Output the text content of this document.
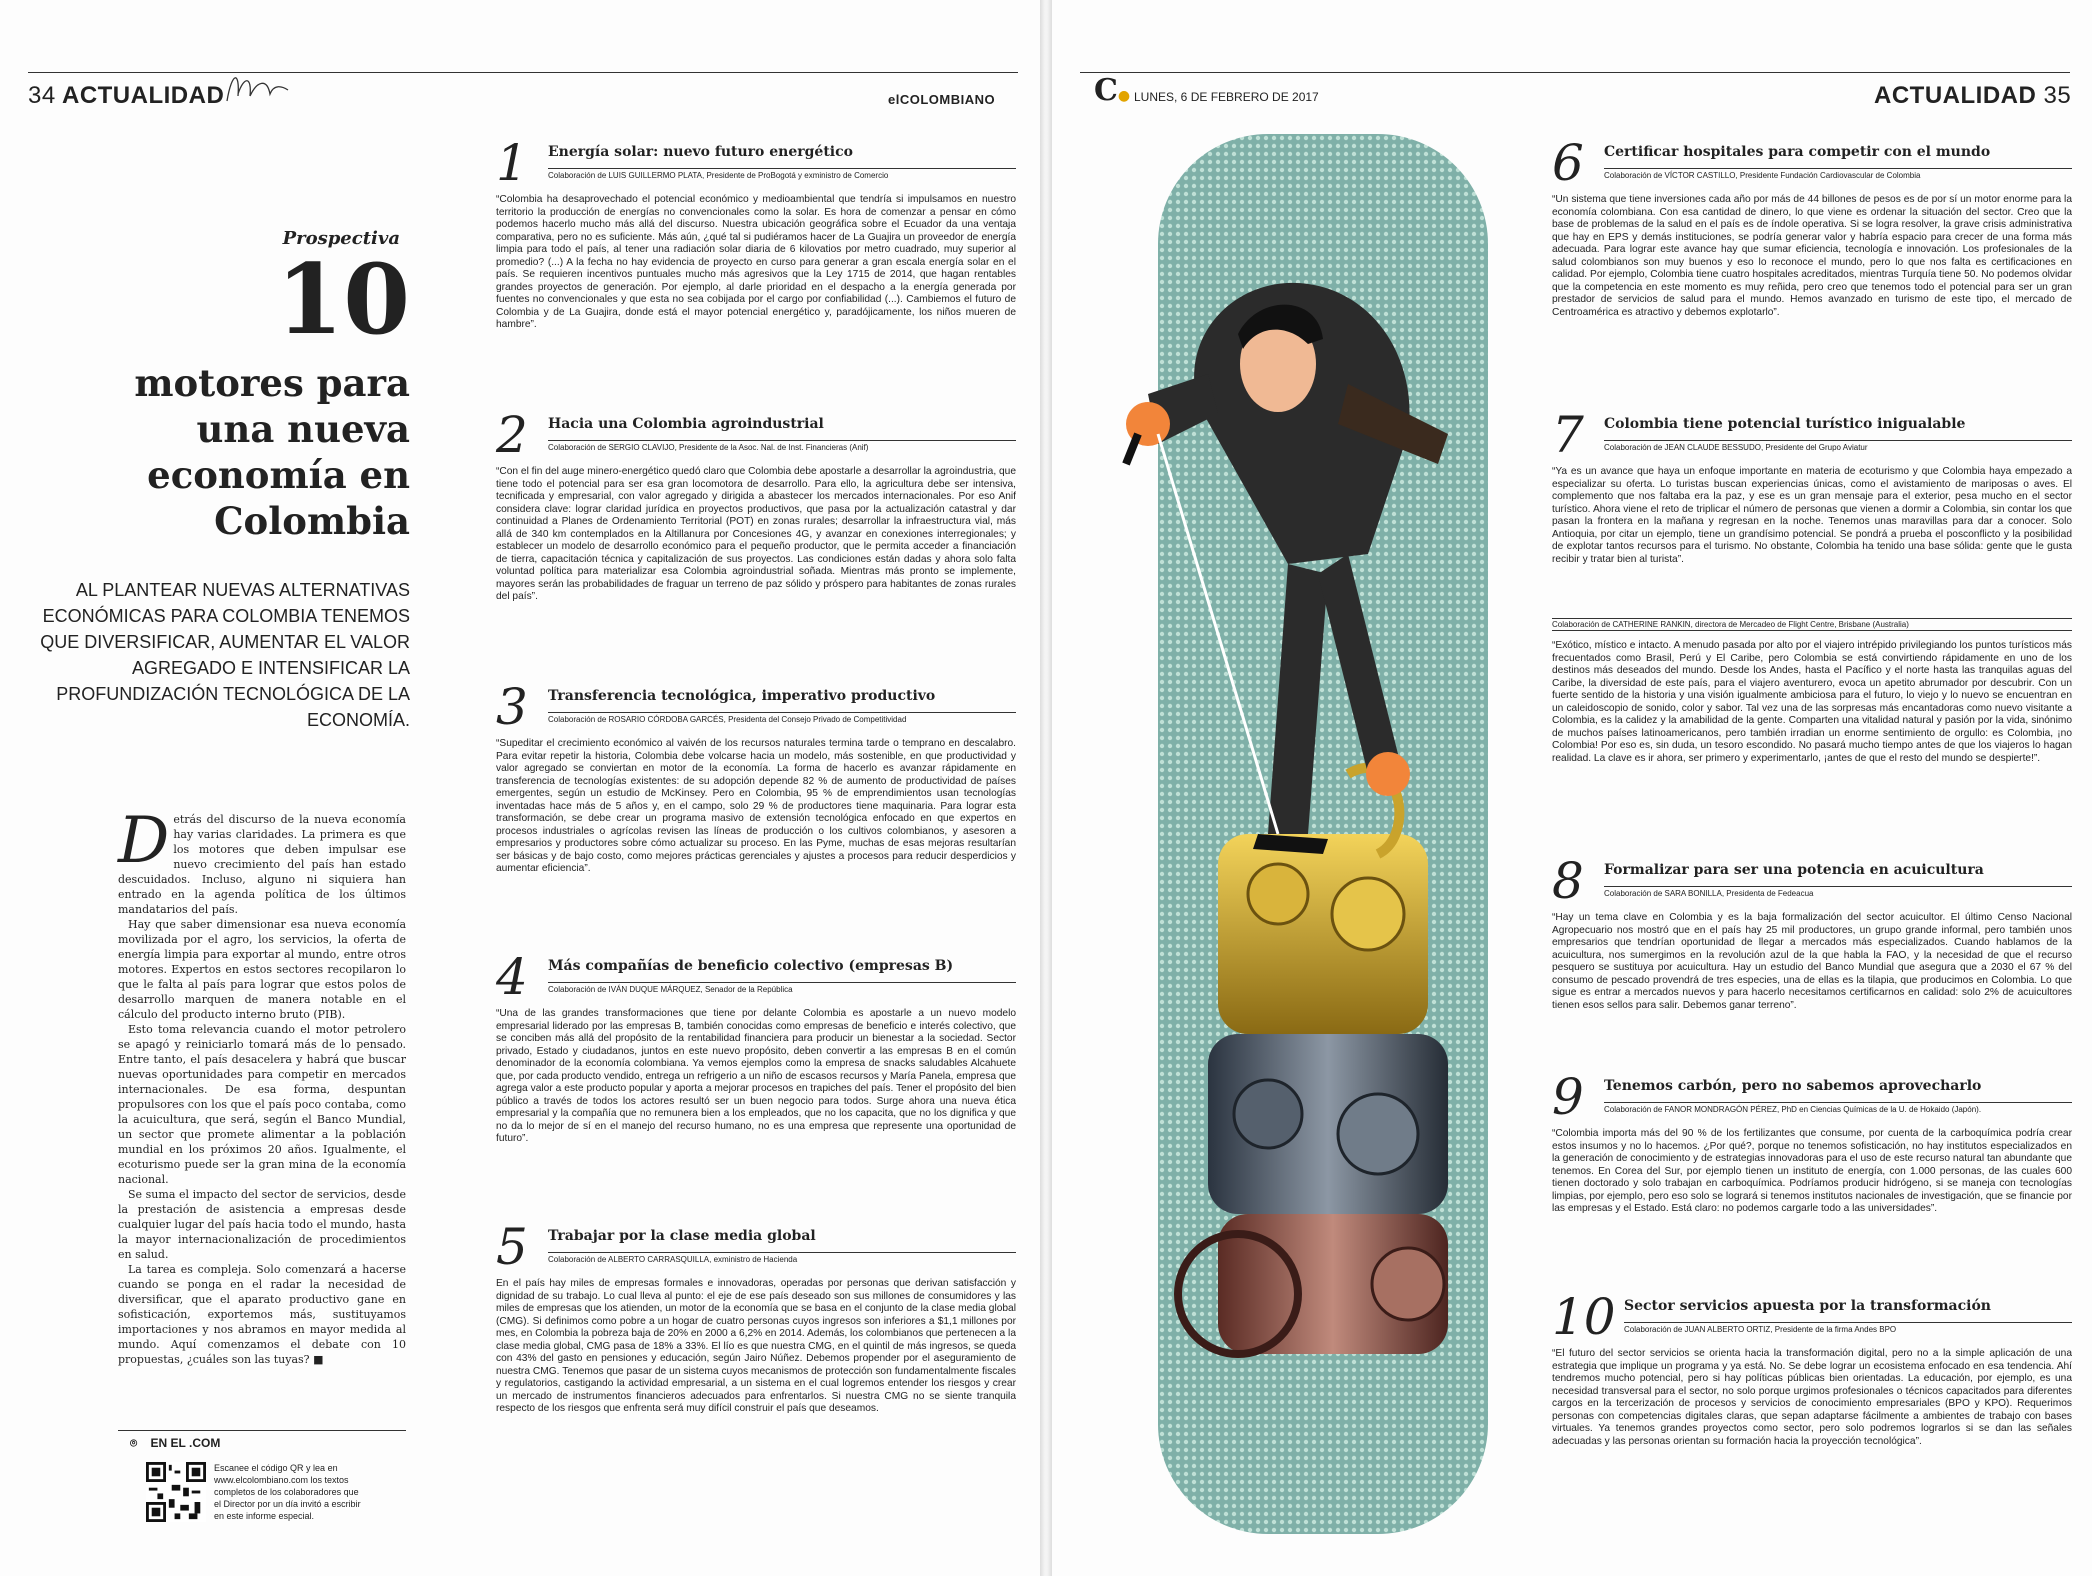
34 ACTUALIDAD	elCOLOMBIANO
Prospectiva
10
motores para una nueva economía en Colombia
AL PLANTEAR NUEVAS ALTERNATIVAS ECONÓMICAS PARA COLOMBIA TENEMOS QUE DIVERSIFICAR, AUMENTAR EL VALOR AGREGADO E INTENSIFICAR LA PROFUNDIZACIÓN TECNOLÓGICA DE LA ECONOMÍA.
D etrás del discurso de la nueva economía hay varias claridades. La primera es que los motores que deben impulsar ese nuevo crecimiento del país han estado descuidados. Incluso, alguno ni siquiera han entrado en la agenda política de los últimos mandatarios del país.

Hay que saber dimensionar esa nueva economía movilizada por el agro, los servicios, la oferta de energía limpia para exportar al mundo, entre otros motores. Expertos en estos sectores recopilaron lo que le falta al país para lograr que estos polos de desarrollo marquen de manera notable en el cálculo del producto interno bruto (PIB).

Esto toma relevancia cuando el motor petrolero se apagó y reiniciarlo tomará más de lo pensado. Entre tanto, el país desacelera y habrá que buscar nuevas oportunidades para competir en mercados internacionales. De esa forma, despuntan propulsores con los que el país poco contaba, como la acuicultura, que será, según el Banco Mundial, un sector que promete alimentar a la población mundial en los próximos 20 años. Igualmente, el ecoturismo puede ser la gran mina de la economía nacional.

Se suma el impacto del sector de servicios, desde la prestación de asistencia a empresas desde cualquier lugar del país hacia todo el mundo, hasta la mayor internacionalización de procedimientos en salud.

La tarea es compleja. Solo comenzará a hacerse cuando se ponga en el radar la necesidad de diversificar, que el aparato productivo gane en sofisticación, exportemos más, sustituyamos importaciones y nos abramos en mayor medida al mundo. Aquí comenzamos el debate con 10 propuestas, ¿cuáles son las tuyas? ■

⌾ EN EL .COM
Escanee el código QR y lea en www.elcolombiano.com los textos completos de los colaboradores que el Director por un día invitó a escribir en este informe especial.
1 Energía solar: nuevo futuro energético
Colaboración de LUIS GUILLERMO PLATA, Presidente de ProBogotá y exministro de Comercio
“Colombia ha desaprovechado el potencial económico y medioambiental que tendría si impulsamos en nuestro territorio la producción de energías no convencionales como la solar. Es hora de comenzar a pensar en cómo podemos hacerlo mucho más allá del discurso. Nuestra ubicación geográfica sobre el Ecuador da una ventaja comparativa, pero no es suficiente. Más aún, ¿qué tal si pudiéramos hacer de La Guajira un proveedor de energía limpia para todo el país, al tener una radiación solar diaria de 6 kilovatios por metro cuadrado, muy superior al promedio? (...) A la fecha no hay evidencia de proyecto en curso para generar a gran escala energía solar en el país. Se requieren incentivos puntuales mucho más agresivos que la Ley 1715 de 2014, que hagan rentables grandes proyectos de generación. Por ejemplo, al darle prioridad en el despacho a la energía generada por fuentes no convencionales y que esta no sea cobijada por el cargo por confiabilidad (...). Cambiemos el futuro de Colombia y de La Guajira, donde está el mayor potencial energético y, paradójicamente, los niños mueren de hambre”.
2 Hacia una Colombia agroindustrial
Colaboración de SERGIO CLAVIJO, Presidente de la Asoc. Nal. de Inst. Financieras (Anif)
“Con el fin del auge minero-energético quedó claro que Colombia debe apostarle a desarrollar la agroindustria, que tiene todo el potencial para ser esa gran locomotora de desarrollo. Para ello, la agricultura debe ser intensiva, tecnificada y empresarial, con valor agregado y dirigida a abastecer los mercados internacionales. Por eso Anif considera clave: lograr claridad jurídica en proyectos productivos, que pasa por la actualización catastral y dar continuidad a Planes de Ordenamiento Territorial (POT) en zonas rurales; desarrollar la infraestructura vial, más allá de 340 km contemplados en la Altillanura por Concesiones 4G, y avanzar en conexiones interregionales; y establecer un modelo de desarrollo económico para el pequeño productor, que le permita acceder a financiación de tierra, capacitación técnica y capitalización de sus proyectos. Las condiciones están dadas y ahora solo falta voluntad política para materializar esa Colombia agroindustrial soñada. Mientras más pronto se implemente, mayores serán las probabilidades de fraguar un terreno de paz sólido y próspero para habitantes de zonas rurales del país”.
3 Transferencia tecnológica, imperativo productivo
Colaboración de ROSARIO CÓRDOBA GARCÉS, Presidenta del Consejo Privado de Competitividad
“Supeditar el crecimiento económico al vaivén de los recursos naturales termina tarde o temprano en descalabro. Para evitar repetir la historia, Colombia debe volcarse hacia un modelo, más sostenible, en que productividad y valor agregado se conviertan en motor de la economía. La forma de hacerlo es avanzar rápidamente en transferencia de tecnologías existentes: de su adopción depende 82 % de aumento de productividad de países emergentes, según un estudio de McKinsey. Pero en Colombia, 95 % de emprendimientos usan tecnologías inventadas hace más de 5 años y, en el campo, solo 29 % de productores tiene maquinaria. Para lograr esta transformación, se debe crear un programa masivo de extensión tecnológica enfocado en que expertos en procesos industriales o agrícolas revisen las líneas de producción o los cultivos colombianos, y asesoren a empresarios y productores sobre cómo actualizar su proceso. En las Pyme, muchas de esas mejoras resultarían ser básicas y de bajo costo, como mejores prácticas gerenciales y ajustes a procesos para reducir desperdicios y aumentar eficiencia”.
4 Más compañías de beneficio colectivo (empresas B)
Colaboración de IVÁN DUQUE MÁRQUEZ, Senador de la República
“Una de las grandes transformaciones que tiene por delante Colombia es apostarle a un nuevo modelo empresarial liderado por las empresas B, también conocidas como empresas de beneficio e interés colectivo, que se conciben más allá del propósito de la rentabilidad financiera para producir un bienestar a la sociedad. Sector privado, Estado y ciudadanos, juntos en este nuevo propósito, deben convertir a las empresas B en el común denominador de la economía colombiana. Ya vemos ejemplos como la empresa de snacks saludables Alcahuete que, por cada producto vendido, entrega un refrigerio a un niño de escasos recursos y María Panela, empresa que agrega valor a este producto popular y aporta a mejorar procesos en trapiches del país. Tener el propósito del bien público a través de todos los actores resultó ser un buen negocio para todos. Surge ahora una nueva ética empresarial y la compañía que no remunera bien a los empleados, que no los capacita, que no los dignifica y que no da lo mejor de sí en el manejo del recurso humano, no es una empresa que represente una oportunidad de futuro”.
5 Trabajar por la clase media global
Colaboración de ALBERTO CARRASQUILLA, exministro de Hacienda
En el país hay miles de empresas formales e innovadoras, operadas por personas que derivan satisfacción y dignidad de su trabajo. Lo cual lleva al punto: el eje de ese país deseado son sus millones de consumidores y las miles de empresas que los atienden, un motor de la economía que se basa en el conjunto de la clase media global (CMG). Si definimos como pobre a un hogar de cuatro personas cuyos ingresos son inferiores a $1,1 millones por mes, en Colombia la pobreza baja de 20% en 2000 a 6,2% en 2014. Además, los colombianos que pertenecen a la clase media global, CMG pasa de 18% a 33%. El lío es que nuestra CMG, en el quintil de más ingresos, se queda con 43% del gasto en pensiones y educación, según Jairo Núñez. Debemos propender por el aseguramiento de nuestra CMG. Tenemos que pasar de un sistema cuyos mecanismos de protección son fundamentalmente fiscales y regulatorios, castigando la actividad empresarial, a un sistema en el cual logremos entender los riesgos y crear un mercado de instrumentos financieros adecuados para enfrentarlos. Si nuestra CMG no se siente tranquila respecto de los riesgos que enfrenta será muy difícil construir el país que deseamos.
C● LUNES, 6 DE FEBRERO DE 2017	ACTUALIDAD 35
6 Certificar hospitales para competir con el mundo
Colaboración de VÍCTOR CASTILLO, Presidente Fundación Cardiovascular de Colombia
“Un sistema que tiene inversiones cada año por más de 44 billones de pesos es de por sí un motor enorme para la economía colombiana. Con esa cantidad de dinero, lo que viene es ordenar la situación del sector. Creo que la base de problemas de la salud en el país es de índole operativa. Si se logra resolver, la grave crisis administrativa que hay en EPS y demás instituciones, se podría generar valor y habría espacio para crecer de una forma más adecuada. Para lograr este avance hay que sumar eficiencia, tecnología e innovación. Los profesionales de la salud colombianos son muy buenos y eso lo reconoce el mundo, pero lo que nos falta es certificaciones en calidad. Por ejemplo, Colombia tiene cuatro hospitales acreditados, mientras Turquía tiene 50. No podemos olvidar que la competencia en este momento es muy reñida, pero creo que tenemos todo el potencial para ser un gran prestador de servicios de salud para el mundo. Hemos avanzado en turismo de este tipo, el mercado de Centroamérica es atractivo y debemos explotarlo”.
7 Colombia tiene potencial turístico inigualable
Colaboración de JEAN CLAUDE BESSUDO, Presidente del Grupo Aviatur
“Ya es un avance que haya un enfoque importante en materia de ecoturismo y que Colombia haya empezado a especializar su oferta. Lo turistas buscan experiencias únicas, como el avistamiento de mariposas o aves. El complemento que nos faltaba era la paz, y ese es un gran mensaje para el exterior, pesa mucho en el sector turístico. Ahora viene el reto de triplicar el número de personas que vienen a dormir a Colombia, sin contar los que pasan la frontera en la mañana y regresan en la noche. Tenemos unas maravillas para dar a conocer. Solo Antioquia, por citar un ejemplo, tiene un grandísimo potencial. Se pondrá a prueba el posconflicto y la posibilidad de explotar tantos recursos para el turismo. No obstante, Colombia ha tenido una base sólida: gente que le gusta recibir y tratar bien al turista”.
Colaboración de CATHERINE RANKIN, directora de Mercadeo de Flight Centre, Brisbane (Australia)
“Exótico, místico e intacto. A menudo pasada por alto por el viajero intrépido privilegiando los puntos turísticos más frecuentados como Brasil, Perú y El Caribe, pero Colombia se está convirtiendo rápidamente en uno de los destinos más deseados del mundo. Desde los Andes, hasta el Pacífico y el norte hasta las tranquilas aguas del Caribe, la diversidad de este país, para el viajero aventurero, evoca un apetito abrumador por descubrir. Con un fuerte sentido de la historia y una visión igualmente ambiciosa para el futuro, lo viejo y lo nuevo se encuentran en un caleidoscopio de sonido, color y sabor. Tal vez una de las sorpresas más encantadoras como nuevo visitante a Colombia, es la calidez y la amabilidad de la gente. Comparten una vitalidad natural y pasión por la vida, sinónimo de muchos países latinoamericanos, pero también irradian un enorme sentimiento de orgullo: es Colombia, ¡no Colombia! Por eso es, sin duda, un tesoro escondido. No pasará mucho tiempo antes de que los viajeros lo hagan realidad. La clave es ir ahora, ser primero y experimentarlo, ¡antes de que el resto del mundo se despierte!”.
8 Formalizar para ser una potencia en acuicultura
Colaboración de SARA BONILLA, Presidenta de Fedeacua
“Hay un tema clave en Colombia y es la baja formalización del sector acuicultor. El último Censo Nacional Agropecuario nos mostró que en el país hay 25 mil productores, un grupo grande informal, pero también unos empresarios que tendrían oportunidad de llegar a mercados más especializados. Cuando hablamos de la acuicultura, nos sumergimos en la revolución azul de la que habla la FAO, y la necesidad de que el recurso pesquero se sustituya por acuicultura. Hay un estudio del Banco Mundial que asegura que a 2030 el 67 % del consumo de pescado provendrá de tres especies, una de ellas es la tilapia, que producimos en Colombia. Lo que sigue es entrar a mercados nuevos y para hacerlo necesitamos certificarnos en calidad: solo 2% de acuicultores tienen esos sellos para salir. Debemos ganar terreno”.
9 Tenemos carbón, pero no sabemos aprovecharlo
Colaboración de FANOR MONDRAGÓN PÉREZ, PhD en Ciencias Químicas de la U. de Hokaido (Japón).
“Colombia importa más del 90 % de los fertilizantes que consume, por cuenta de la carboquímica podría crear estos insumos y no lo hacemos. ¿Por qué?, porque no tenemos sofisticación, no hay institutos especializados en la generación de conocimiento y de estrategias innovadoras para el uso de este recurso natural tan abundante que tenemos. En Corea del Sur, por ejemplo tienen un instituto de energía, con 1.000 personas, de las cuales 600 tienen doctorado y solo trabajan en carboquímica. Podríamos producir hidrógeno, si se maneja con tecnologías limpias, por ejemplo, pero eso solo se logrará si tenemos institutos nacionales de investigación, que se financie por las empresas y el Estado. Está claro: no podemos cargarle todo a las universidades”.
10 Sector servicios apuesta por la transformación
Colaboración de JUAN ALBERTO ORTIZ, Presidente de la firma Andes BPO
“El futuro del sector servicios se orienta hacia la transformación digital, pero no a la simple aplicación de una estrategia que implique un programa y ya está. No. Se debe lograr un ecosistema enfocado en esa tendencia. Ahí tendremos mucho potencial, pero si hay políticas públicas bien orientadas. La educación, por ejemplo, es una necesidad transversal para el sector, no solo porque urgimos profesionales o técnicos capacitados para diferentes cargos en la tercerización de procesos y servicios de conocimiento empresariales (BPO y KPO). Requerimos personas con competencias digitales claras, que sepan adaptarse fácilmente a ambientes de trabajo con bases virtuales. Ya tenemos grandes proyectos como sector, pero solo podremos lograrlos si se dan las señales adecuadas y las personas orientan su formación hacia la proyección tecnológica”.
